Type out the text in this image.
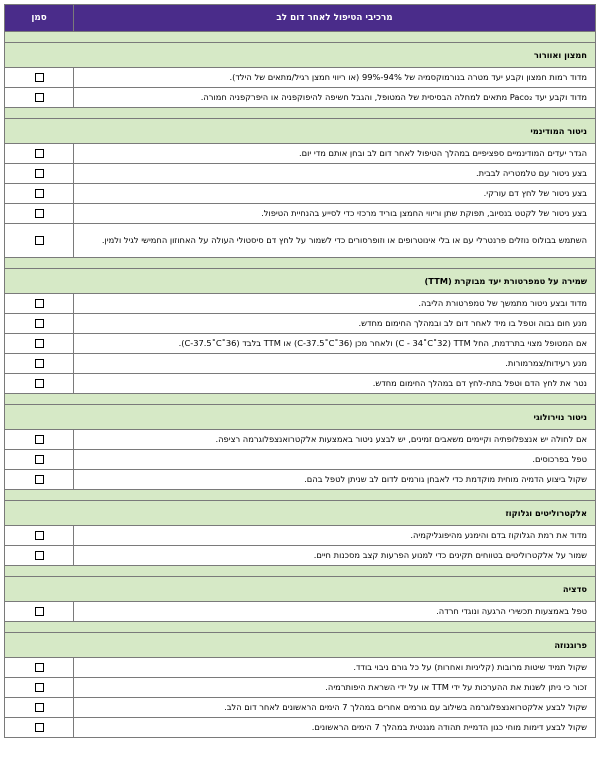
מרכיבי הטיפול לאחר דום לב	סמן

חמצון ואוורור	
מדוד רמות חמצון וקבע יעד מטרה בנורמוקסמיה של 94%-99% (או ריווי חמצן רגיל/מתאים של הילד).	
מדוד וקבע יעד Paco₂ מתאים למחלה הבסיסית של המטופל, והגבל חשיפה להיפוקפניה או היפרקפניה חמורה.	

ניטור המודינמי	
הגדר יעדים המודינמיים ספציפיים במהלך הטיפול לאחר דום לב ובחן אותם מדי יום.	
בצע ניטור עם טלמטריה לבבית.	
בצע ניטור של לחץ דם עורקי.	
בצע ניטור של לקטט בנסיוב, תפוקת שתן וריווי החמצן בוריד מרכזי כדי לסייע בהנחיית הטיפול.	
השתמש בבולוס נוזלים פרנטרלי עם או בלי אינוטרופים או וזופרסורים כדי לשמור על לחץ דם סיסטולי העולה על האחוזון החמישי לגיל ולמין.	

שמירה על טמפרטורת יעד מבוקרת (TTM)	
מדוד ובצע ניטור מתמשך של טמפרטורת הליבה.	
מנע חום גבוה וטפל בו מיד לאחר דום לב ובמהלך החימום מחדש.	
אם המטופל מצוי בתרדמת, החל TTM ‏(32˚C - 34˚C) ולאחר מכן (36˚C-37.5˚C) או TTM בלבד (36˚C-37.5˚C).	
מנע רעידות/צמרמורות.	
נטר את לחץ הדם וטפל בתת-לחץ דם במהלך החימום מחדש.	

ניטור נוירולוגי	
אם לחולה יש אנצפלופתיה וקיימים משאבים זמינים, יש לבצע ניטור באמצעות אלקטרואנצפלוגרמה רציפה.	
טפל בפרכוסים.	
שקול ביצוע הדמיה מוחית מוקדמת כדי לאבחן גורמים לדום לב שניתן לטפל בהם.	

אלקטרוליטים וגלוקוז	
מדוד את רמת הגלוקוז בדם והימנע מהיפוגליקמיה.	
שמור על אלקטרוליטים בטווחים תקינים כדי למנוע הפרעות קצב מסכנות חיים.	

סדציה	
טפל באמצעות תכשירי הרגעה ונוגדי חרדה.	

פרוגנוזה	
שקול תמיד שיטות מרובות (קליניות ואחרות) על כל גורם ניבוי בודד.	
זכור כי ניתן לשנות את ההערכות על ידי TTM או על ידי השראת היפותרמיה.	
שקול לבצע אלקטרואנצפלוגרמה בשילוב עם גורמים אחרים במהלך 7 הימים הראשונים לאחר דום הלב.	
שקול לבצע דימות מוחי כגון הדמיית תהודה מגנטית במהלך 7 הימים הראשונים.	
